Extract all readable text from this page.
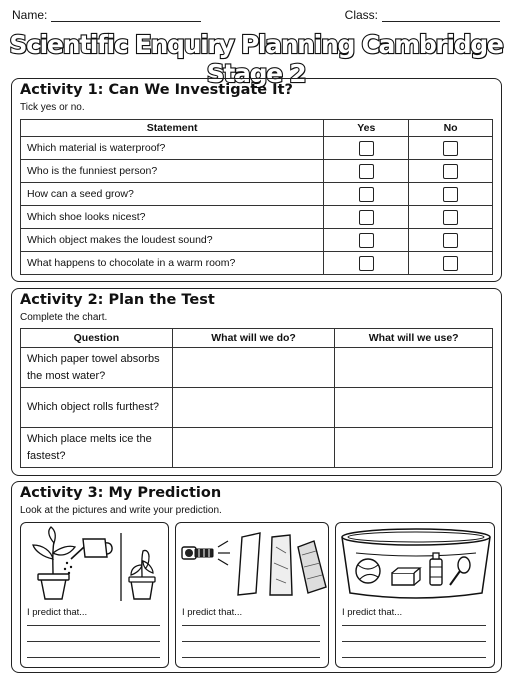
Name:	Class:
Scientific Enquiry Planning Cambridge Stage 2
Activity 1: Can We Investigate It?
Tick yes or no.
Statement	Yes	No
Which material is waterproof?	

Who is the funniest person?	

How can a seed grow?	

Which shoe looks nicest?	

Which object makes the loudest sound?	

What happens to chocolate in a warm room?	

Activity 2: Plan the Test
Complete the chart.
Question	What will we do?	What will we use?
Which paper towel absorbs the most water?		
Which object rolls furthest?		
Which place melts ice the fastest?		
Activity 3: My Prediction
Look at the pictures and write your prediction.
I predict that...	I predict that...	I predict that...
